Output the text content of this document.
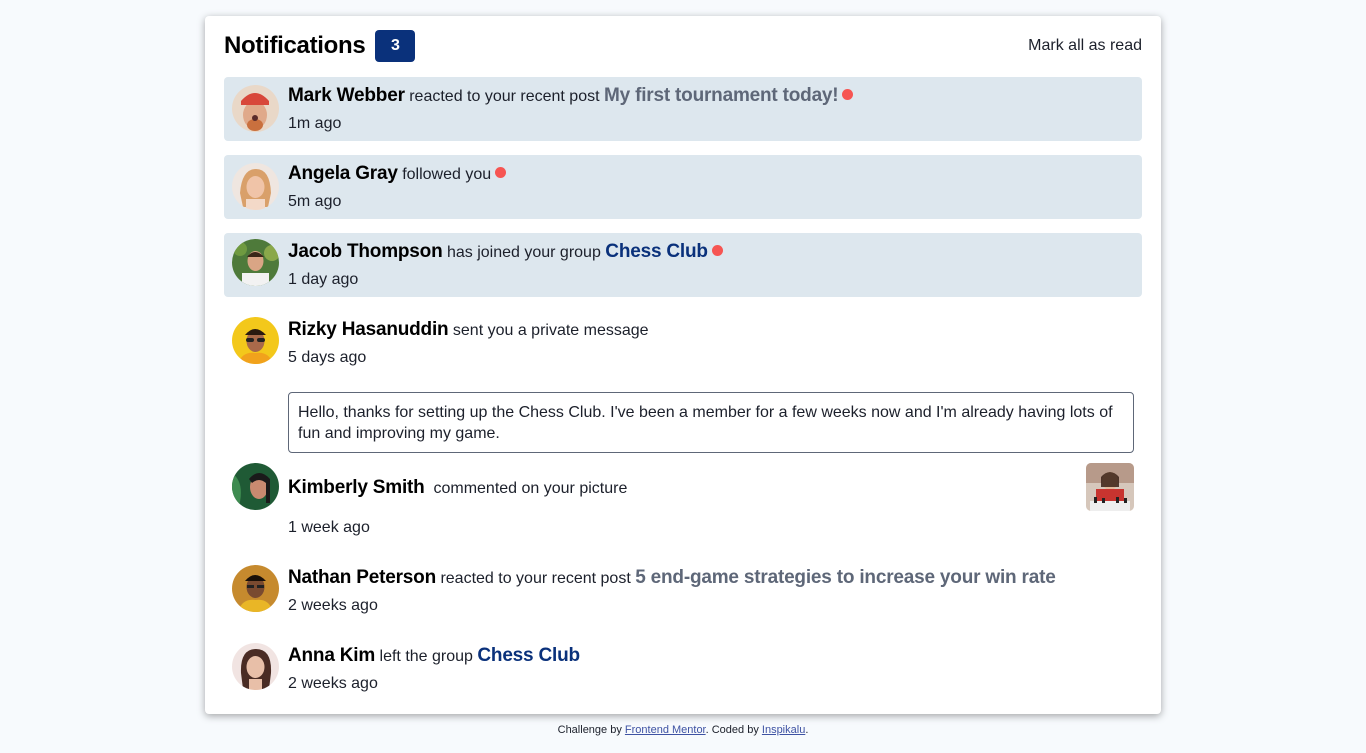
Notifications	3	Mark all as read
Mark Webber reacted to your recent post My first tournament today!
1m ago
Angela Gray followed you
5m ago
Jacob Thompson has joined your group Chess Club
1 day ago
Rizky Hasanuddin sent you a private message
5 days ago
Hello, thanks for setting up the Chess Club. I've been a member for a few weeks now and I'm already having lots of fun and improving my game.
Kimberly Smith commented on your picture
1 week ago
Nathan Peterson reacted to your recent post 5 end-game strategies to increase your win rate
2 weeks ago
Anna Kim left the group Chess Club
2 weeks ago
Challenge by Frontend Mentor. Coded by Inspikalu.
